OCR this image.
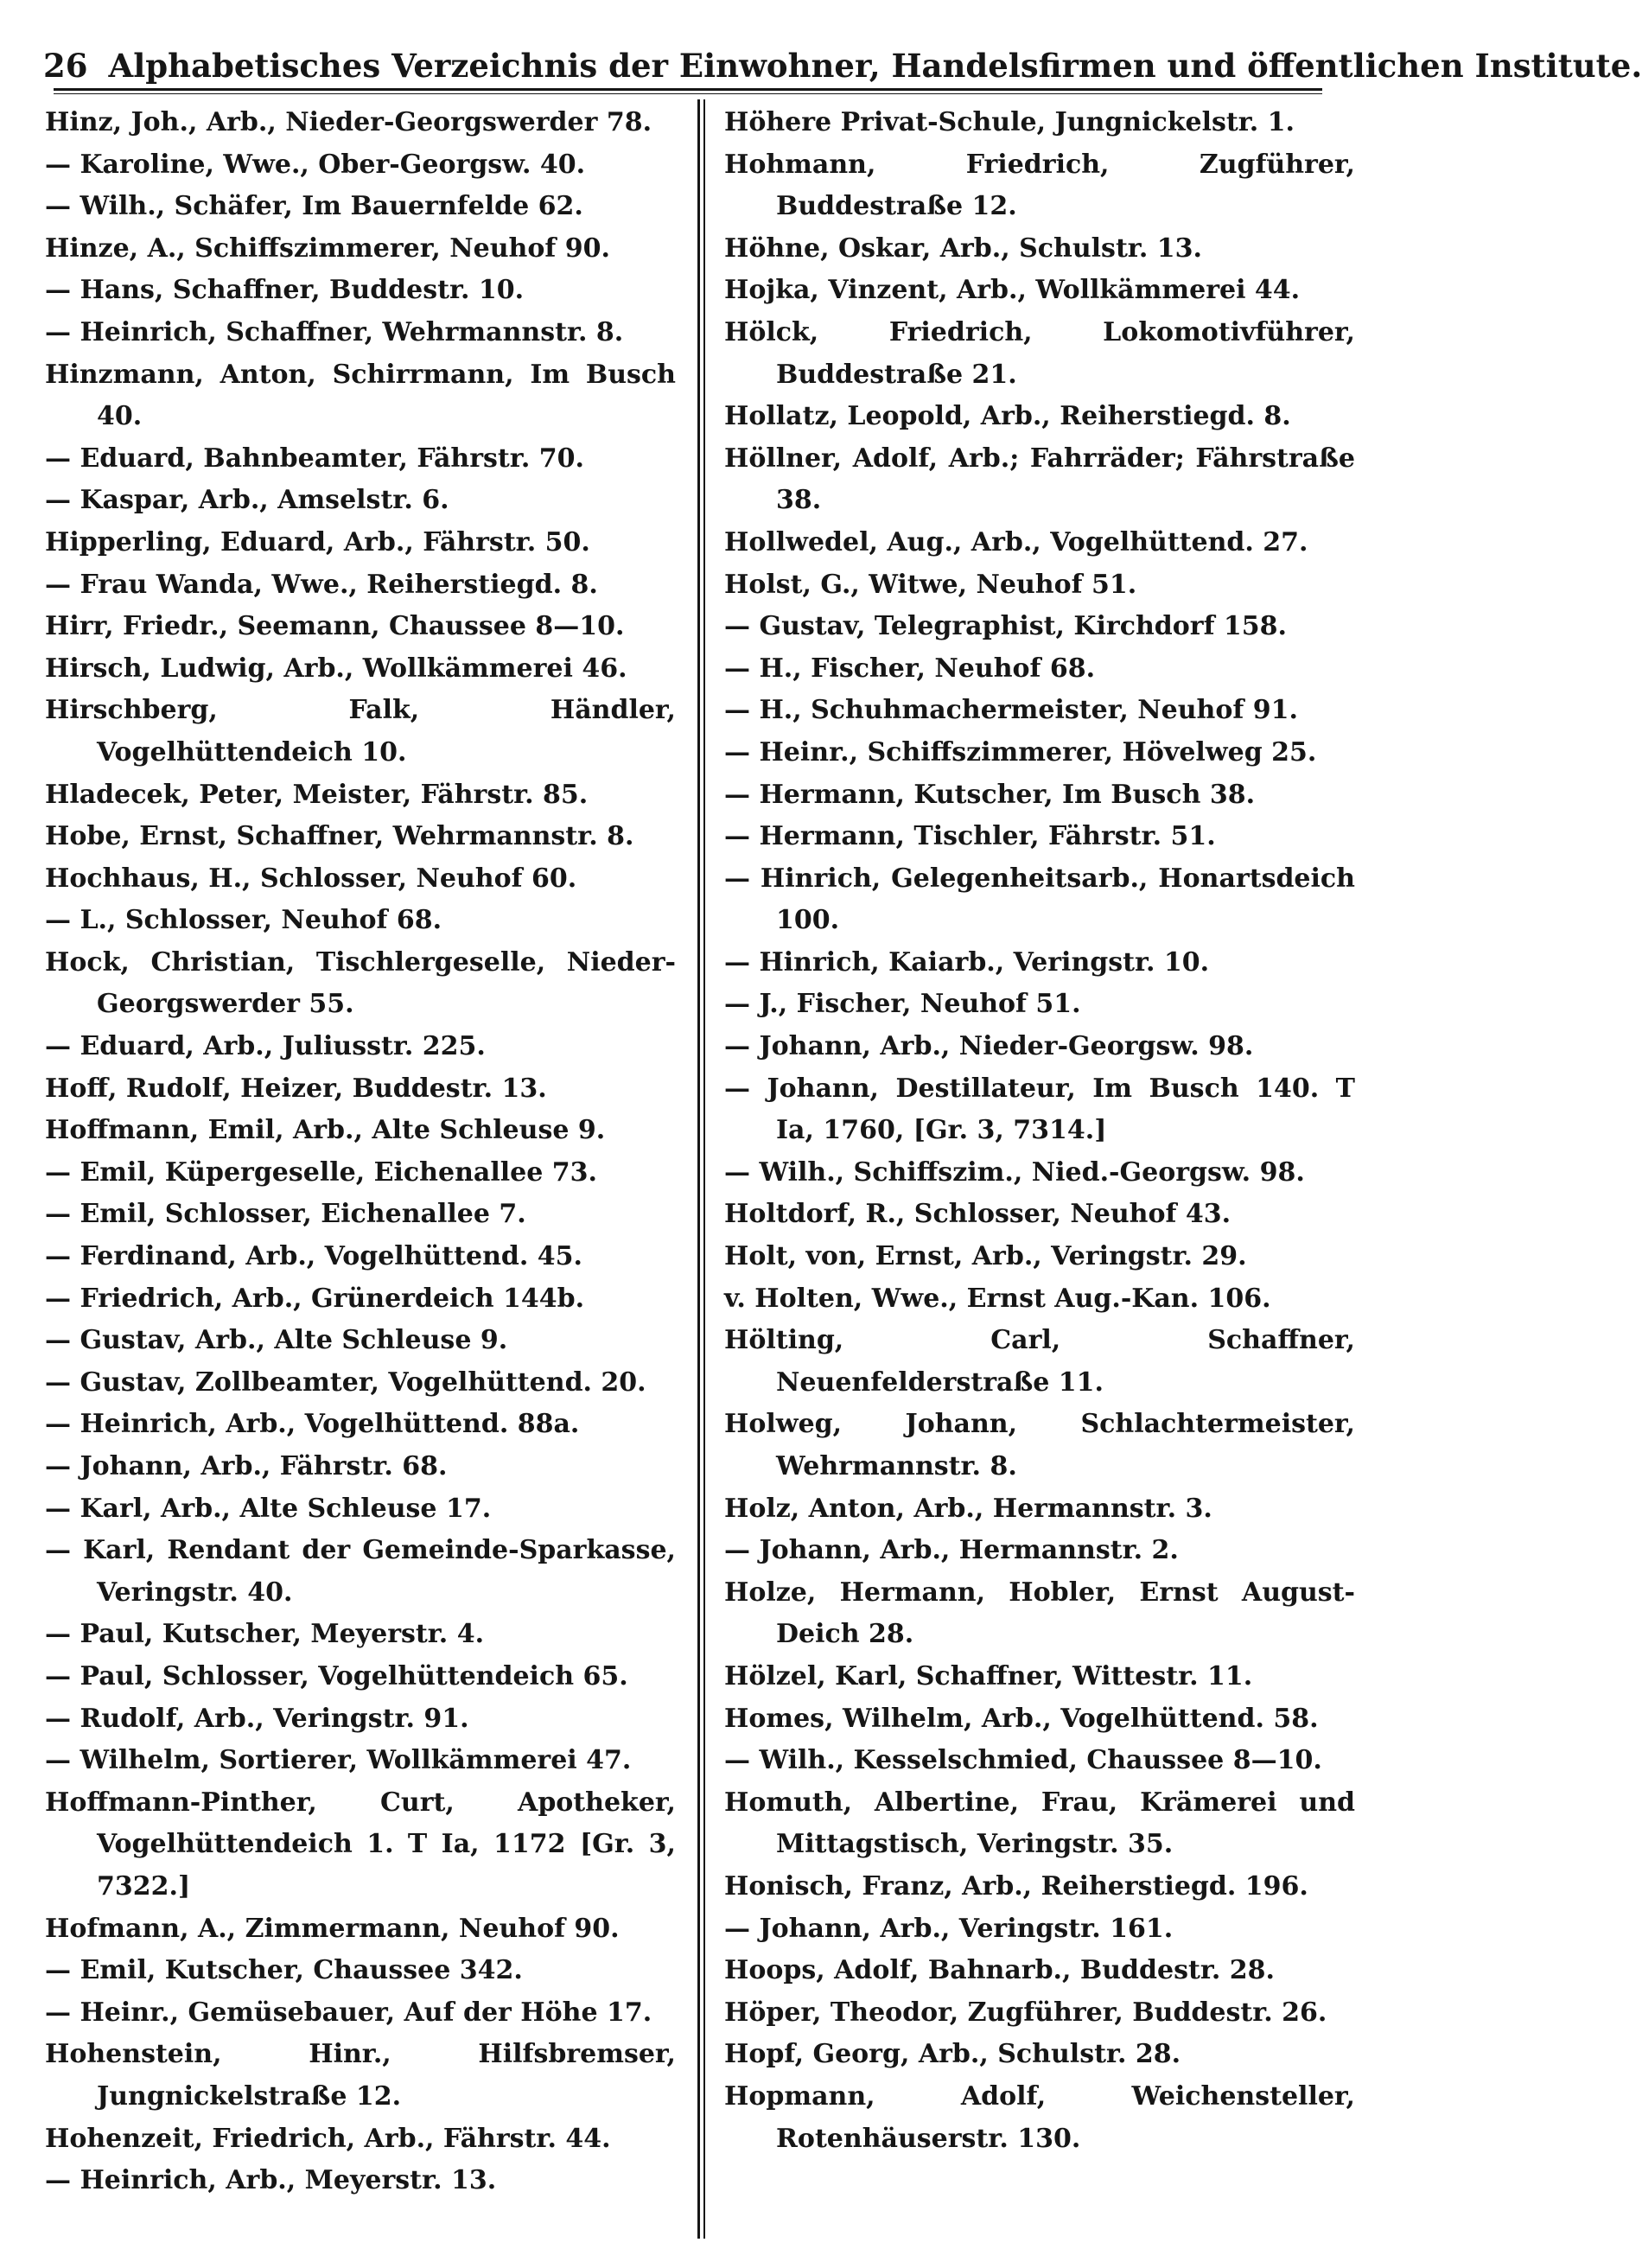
26 Alphabetisches Verzeichnis der Einwohner, Handelsfirmen und öffentlichen Institute.
Hinz, Joh., Arb., Nieder-Georgswerder 78.
— Karoline, Wwe., Ober-Georgsw. 40.
— Wilh., Schäfer, Im Bauernfelde 62.
Hinze, A., Schiffszimmerer, Neuhof 90.
— Hans, Schaffner, Buddestr. 10.
— Heinrich, Schaffner, Wehrmannstr. 8.
Hinzmann, Anton, Schirrmann, Im Busch 40.
— Eduard, Bahnbeamter, Fährstr. 70.
— Kaspar, Arb., Amselstr. 6.
Hipperling, Eduard, Arb., Fährstr. 50.
— Frau Wanda, Wwe., Reiherstiegd. 8.
Hirr, Friedr., Seemann, Chaussee 8—10.
Hirsch, Ludwig, Arb., Wollkämmerei 46.
Hirschberg, Falk, Händler, Vogelhüttendeich 10.
Hladecek, Peter, Meister, Fährstr. 85.
Hobe, Ernst, Schaffner, Wehrmannstr. 8.
Hochhaus, H., Schlosser, Neuhof 60.
— L., Schlosser, Neuhof 68.
Hock, Christian, Tischlergeselle, Nieder-Georgswerder 55.
— Eduard, Arb., Juliusstr. 225.
Hoff, Rudolf, Heizer, Buddestr. 13.
Hoffmann, Emil, Arb., Alte Schleuse 9.
— Emil, Küpergeselle, Eichenallee 73.
— Emil, Schlosser, Eichenallee 7.
— Ferdinand, Arb., Vogelhüttend. 45.
— Friedrich, Arb., Grünerdeich 144b.
— Gustav, Arb., Alte Schleuse 9.
— Gustav, Zollbeamter, Vogelhüttend. 20.
— Heinrich, Arb., Vogelhüttend. 88a.
— Johann, Arb., Fährstr. 68.
— Karl, Arb., Alte Schleuse 17.
— Karl, Rendant der Gemeinde-Sparkasse, Veringstr. 40.
— Paul, Kutscher, Meyerstr. 4.
— Paul, Schlosser, Vogelhüttendeich 65.
— Rudolf, Arb., Veringstr. 91.
— Wilhelm, Sortierer, Wollkämmerei 47.
Hoffmann-Pinther, Curt, Apotheker, Vogelhüttendeich 1. T Ia, 1172 [Gr. 3, 7322.]
Hofmann, A., Zimmermann, Neuhof 90.
— Emil, Kutscher, Chaussee 342.
— Heinr., Gemüsebauer, Auf der Höhe 17.
Hohenstein, Hinr., Hilfsbremser, Jungnickelstraße 12.
Hohenzeit, Friedrich, Arb., Fährstr. 44.
— Heinrich, Arb., Meyerstr. 13.
Höhere Privat-Schule, Jungnickelstr. 1.
Hohmann, Friedrich, Zugführer, Buddestraße 12.
Höhne, Oskar, Arb., Schulstr. 13.
Hojka, Vinzent, Arb., Wollkämmerei 44.
Hölck, Friedrich, Lokomotivführer, Buddestraße 21.
Hollatz, Leopold, Arb., Reiherstiegd. 8.
Höllner, Adolf, Arb.; Fahrräder; Fährstraße 38.
Hollwedel, Aug., Arb., Vogelhüttend. 27.
Holst, G., Witwe, Neuhof 51.
— Gustav, Telegraphist, Kirchdorf 158.
— H., Fischer, Neuhof 68.
— H., Schuhmachermeister, Neuhof 91.
— Heinr., Schiffszimmerer, Hövelweg 25.
— Hermann, Kutscher, Im Busch 38.
— Hermann, Tischler, Fährstr. 51.
— Hinrich, Gelegenheitsarb., Honartsdeich 100.
— Hinrich, Kaiarb., Veringstr. 10.
— J., Fischer, Neuhof 51.
— Johann, Arb., Nieder-Georgsw. 98.
— Johann, Destillateur, Im Busch 140. T Ia, 1760, [Gr. 3, 7314.]
— Wilh., Schiffszim., Nied.-Georgsw. 98.
Holtdorf, R., Schlosser, Neuhof 43.
Holt, von, Ernst, Arb., Veringstr. 29.
v. Holten, Wwe., Ernst Aug.-Kan. 106.
Hölting, Carl, Schaffner, Neuenfelderstraße 11.
Holweg, Johann, Schlachtermeister, Wehrmannstr. 8.
Holz, Anton, Arb., Hermannstr. 3.
— Johann, Arb., Hermannstr. 2.
Holze, Hermann, Hobler, Ernst August-Deich 28.
Hölzel, Karl, Schaffner, Wittestr. 11.
Homes, Wilhelm, Arb., Vogelhüttend. 58.
— Wilh., Kesselschmied, Chaussee 8—10.
Homuth, Albertine, Frau, Krämerei und Mittagstisch, Veringstr. 35.
Honisch, Franz, Arb., Reiherstiegd. 196.
— Johann, Arb., Veringstr. 161.
Hoops, Adolf, Bahnarb., Buddestr. 28.
Höper, Theodor, Zugführer, Buddestr. 26.
Hopf, Georg, Arb., Schulstr. 28.
Hopmann, Adolf, Weichensteller, Rotenhäuserstr. 130.
